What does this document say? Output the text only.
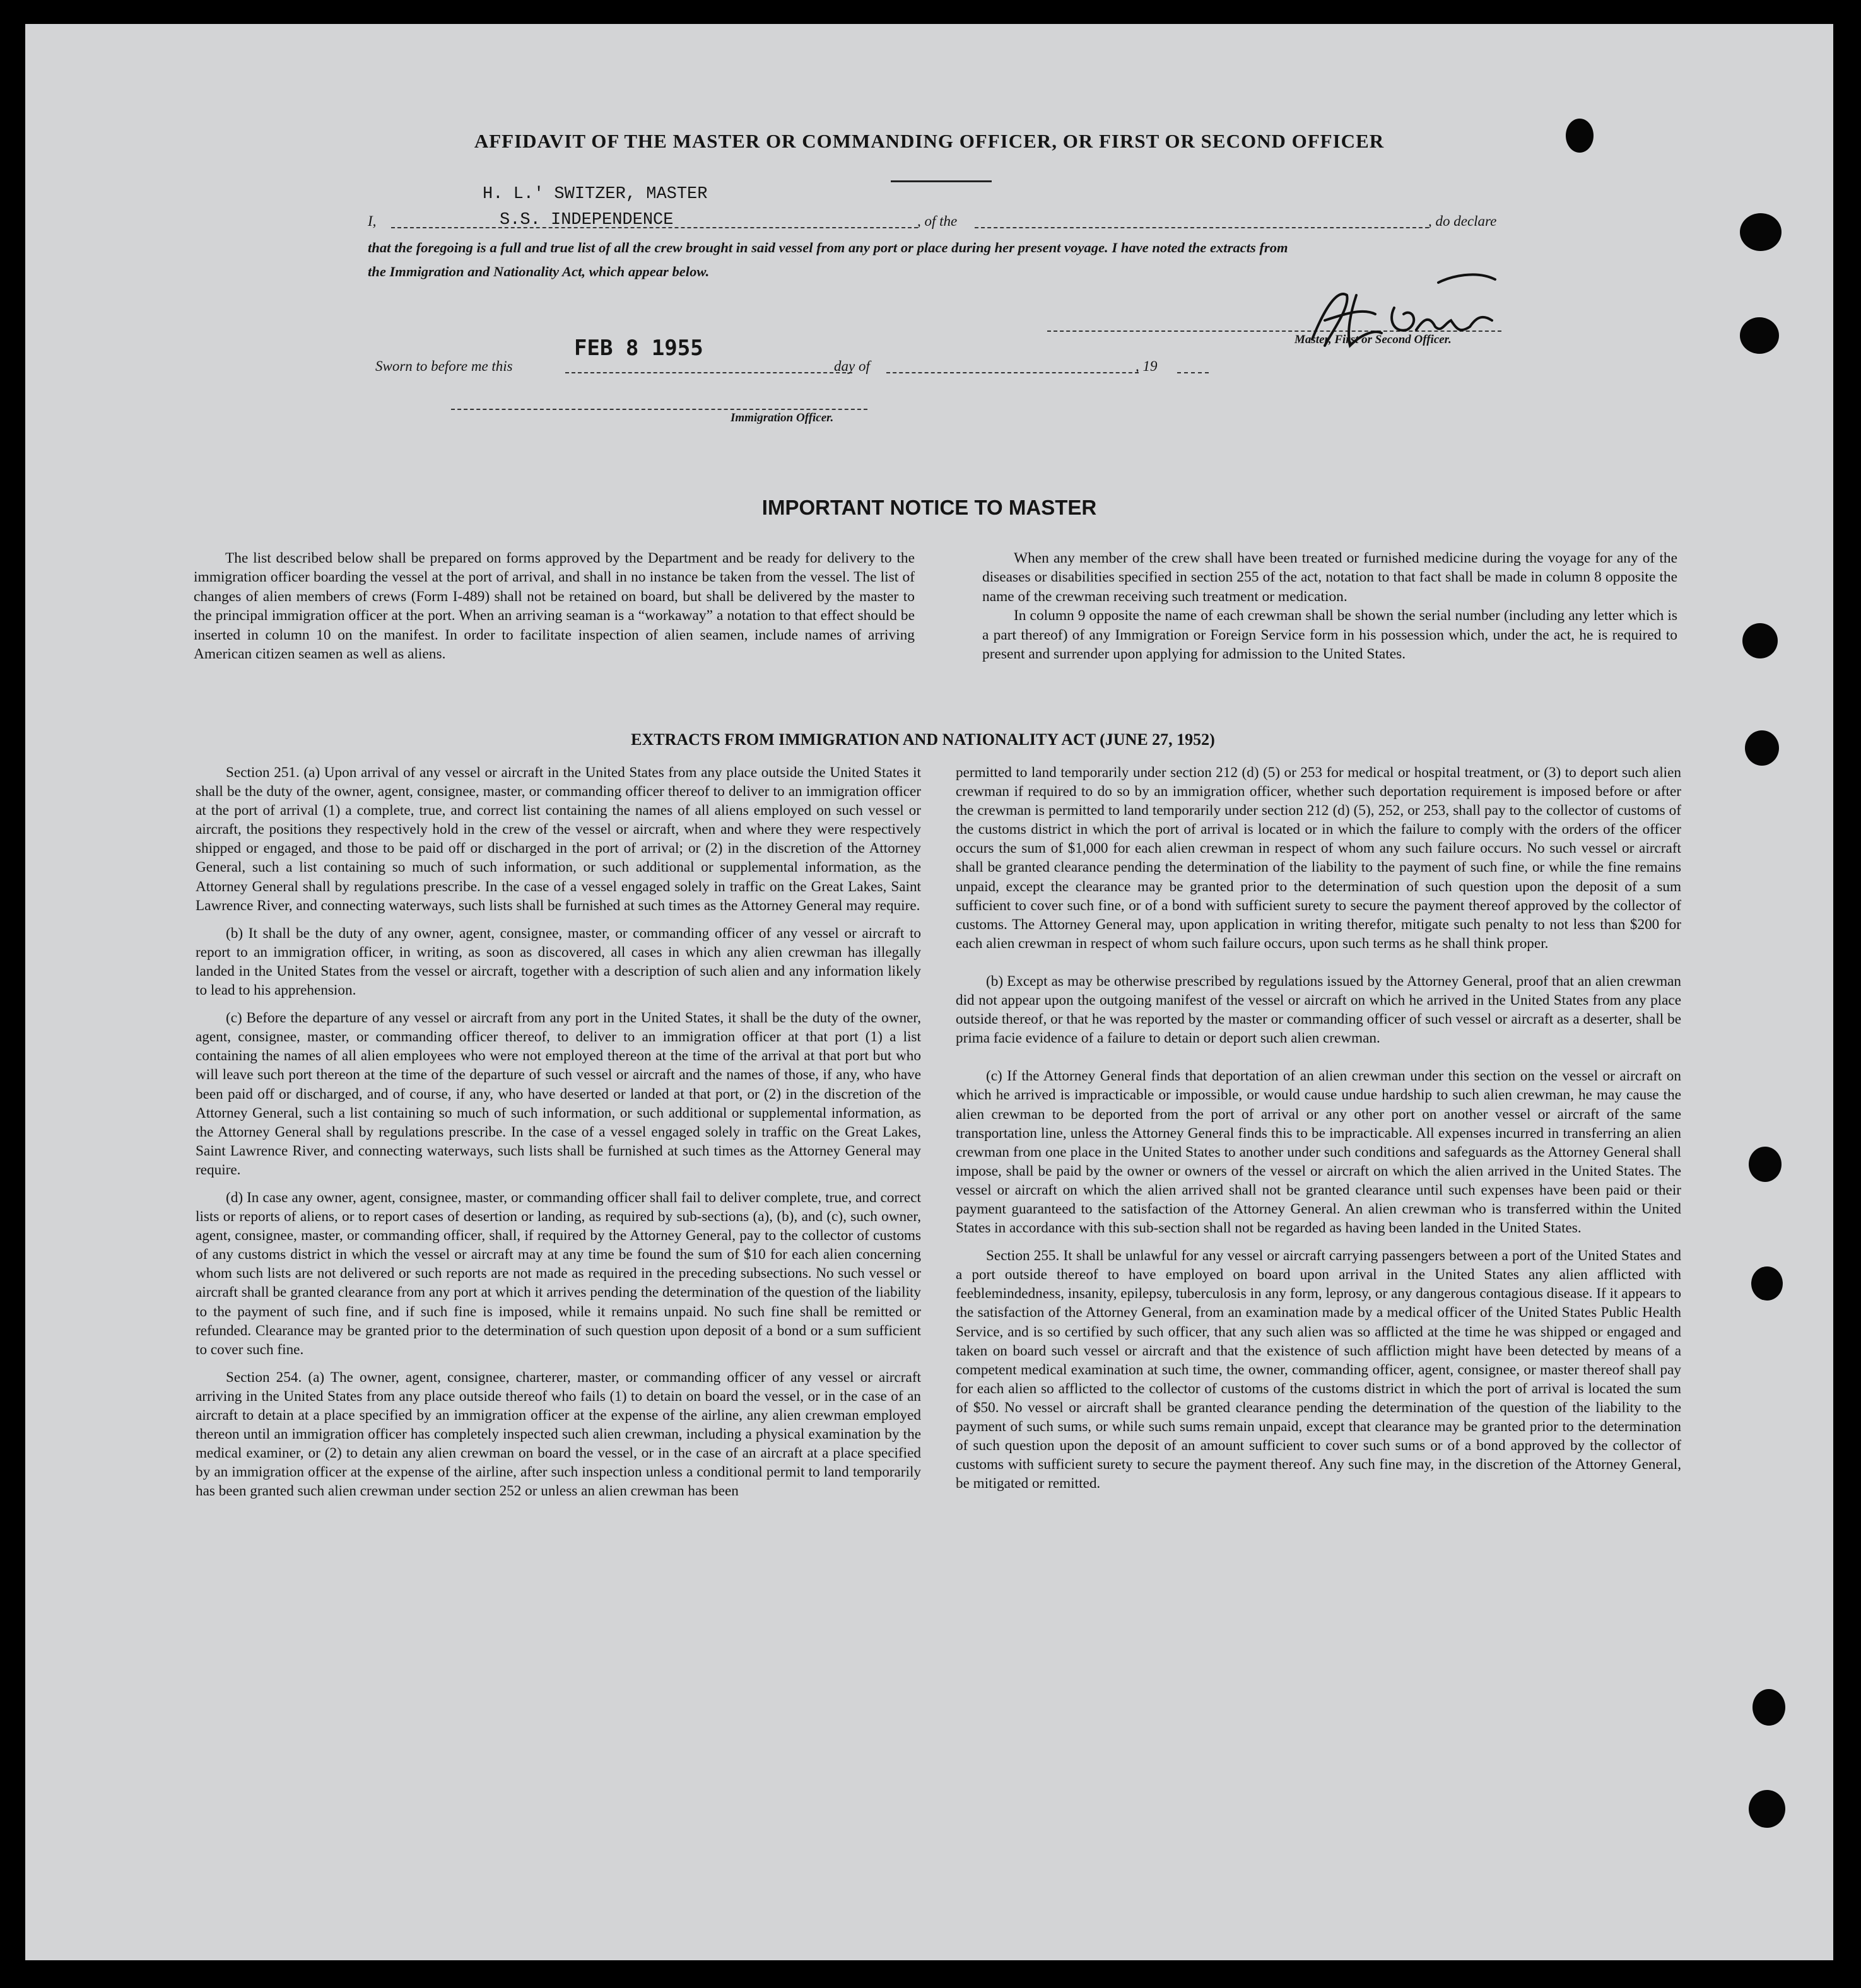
AFFIDAVIT OF THE MASTER OR COMMANDING OFFICER, OR FIRST OR SECOND OFFICER
H. L.' SWITZER, MASTER
S.S. INDEPENDENCE
I,	, of the	, do declare
that the foregoing is a full and true list of all the crew brought in said vessel from any port or place during her present voyage. I have noted the extracts from
the Immigration and Nationality Act, which appear below.
Master, First or Second Officer.
Sworn to before me this
FEB 8 1955
day of	, 19
Immigration Officer.
IMPORTANT NOTICE TO MASTER

The list described below shall be prepared on forms approved by the Department and be ready for delivery to the immigration officer boarding the vessel at the port of arrival, and shall in no instance be taken from the vessel. The list of changes of alien members of crews (Form I-489) shall not be retained on board, but shall be delivered by the master to the principal immigration officer at the port. When an arriving seaman is a “workaway” a notation to that effect should be inserted in column 10 on the manifest. In order to facilitate inspection of alien seamen, include names of arriving American citizen seamen as well as aliens.

When any member of the crew shall have been treated or furnished medicine during the voyage for any of the diseases or disabilities specified in section 255 of the act, notation to that fact shall be made in column 8 opposite the name of the crewman receiving such treatment or medication.

In column 9 opposite the name of each crewman shall be shown the serial number (including any letter which is a part thereof) of any Immigration or Foreign Service form in his possession which, under the act, he is required to present and surrender upon applying for admission to the United States.

EXTRACTS FROM IMMIGRATION AND NATIONALITY ACT (JUNE 27, 1952)

Section 251. (a) Upon arrival of any vessel or aircraft in the United States from any place outside the United States it shall be the duty of the owner, agent, consignee, master, or commanding officer thereof to deliver to an immigration officer at the port of arrival (1) a complete, true, and correct list containing the names of all aliens employed on such vessel or aircraft, the positions they respectively hold in the crew of the vessel or aircraft, when and where they were respectively shipped or engaged, and those to be paid off or discharged in the port of arrival; or (2) in the discretion of the Attorney General, such a list containing so much of such information, or such additional or supplemental information, as the Attorney General shall by regulations prescribe. In the case of a vessel engaged solely in traffic on the Great Lakes, Saint Lawrence River, and connecting waterways, such lists shall be furnished at such times as the Attorney General may require.

(b) It shall be the duty of any owner, agent, consignee, master, or commanding officer of any vessel or aircraft to report to an immigration officer, in writing, as soon as discovered, all cases in which any alien crewman has illegally landed in the United States from the vessel or aircraft, together with a description of such alien and any information likely to lead to his apprehension.

(c) Before the departure of any vessel or aircraft from any port in the United States, it shall be the duty of the owner, agent, consignee, master, or commanding officer thereof, to deliver to an immigration officer at that port (1) a list containing the names of all alien employees who were not employed thereon at the time of the arrival at that port but who will leave such port thereon at the time of the departure of such vessel or aircraft and the names of those, if any, who have been paid off or discharged, and of course, if any, who have deserted or landed at that port, or (2) in the discretion of the Attorney General, such a list containing so much of such information, or such additional or supplemental information, as the Attorney General shall by regulations prescribe. In the case of a vessel engaged solely in traffic on the Great Lakes, Saint Lawrence River, and connecting waterways, such lists shall be furnished at such times as the Attorney General may require.

(d) In case any owner, agent, consignee, master, or commanding officer shall fail to deliver complete, true, and correct lists or reports of aliens, or to report cases of desertion or landing, as required by sub-sections (a), (b), and (c), such owner, agent, consignee, master, or commanding officer, shall, if required by the Attorney General, pay to the collector of customs of any customs district in which the vessel or aircraft may at any time be found the sum of $10 for each alien concerning whom such lists are not delivered or such reports are not made as required in the preceding subsections. No such vessel or aircraft shall be granted clearance from any port at which it arrives pending the determination of the question of the liability to the payment of such fine, and if such fine is imposed, while it remains unpaid. No such fine shall be remitted or refunded. Clearance may be granted prior to the determination of such question upon deposit of a bond or a sum sufficient to cover such fine.

Section 254. (a) The owner, agent, consignee, charterer, master, or commanding officer of any vessel or aircraft arriving in the United States from any place outside thereof who fails (1) to detain on board the vessel, or in the case of an aircraft to detain at a place specified by an immigration officer at the expense of the airline, any alien crewman employed thereon until an immigration officer has completely inspected such alien crewman, including a physical examination by the medical examiner, or (2) to detain any alien crewman on board the vessel, or in the case of an aircraft at a place specified by an immigration officer at the expense of the airline, after such inspection unless a conditional permit to land temporarily has been granted such alien crewman under section 252 or unless an alien crewman has been

permitted to land temporarily under section 212 (d) (5) or 253 for medical or hospital treatment, or (3) to deport such alien crewman if required to do so by an immigration officer, whether such deportation requirement is imposed before or after the crewman is permitted to land temporarily under section 212 (d) (5), 252, or 253, shall pay to the collector of customs of the customs district in which the port of arrival is located or in which the failure to comply with the orders of the officer occurs the sum of $1,000 for each alien crewman in respect of whom any such failure occurs. No such vessel or aircraft shall be granted clearance pending the determination of the liability to the payment of such fine, or while the fine remains unpaid, except the clearance may be granted prior to the determination of such question upon the deposit of a sum sufficient to cover such fine, or of a bond with sufficient surety to secure the payment thereof approved by the collector of customs. The Attorney General may, upon application in writing therefor, mitigate such penalty to not less than $200 for each alien crewman in respect of whom such failure occurs, upon such terms as he shall think proper.

(b) Except as may be otherwise prescribed by regulations issued by the Attorney General, proof that an alien crewman did not appear upon the outgoing manifest of the vessel or aircraft on which he arrived in the United States from any place outside thereof, or that he was reported by the master or commanding officer of such vessel or aircraft as a deserter, shall be prima facie evidence of a failure to detain or deport such alien crewman.

(c) If the Attorney General finds that deportation of an alien crewman under this section on the vessel or aircraft on which he arrived is impracticable or impossible, or would cause undue hardship to such alien crewman, he may cause the alien crewman to be deported from the port of arrival or any other port on another vessel or aircraft of the same transportation line, unless the Attorney General finds this to be impracticable. All expenses incurred in transferring an alien crewman from one place in the United States to another under such conditions and safeguards as the Attorney General shall impose, shall be paid by the owner or owners of the vessel or aircraft on which the alien arrived in the United States. The vessel or aircraft on which the alien arrived shall not be granted clearance until such expenses have been paid or their payment guaranteed to the satisfaction of the Attorney General. An alien crewman who is transferred within the United States in accordance with this sub-section shall not be regarded as having been landed in the United States.

Section 255. It shall be unlawful for any vessel or aircraft carrying passengers between a port of the United States and a port outside thereof to have employed on board upon arrival in the United States any alien afflicted with feeblemindedness, insanity, epilepsy, tuberculosis in any form, leprosy, or any dangerous contagious disease. If it appears to the satisfaction of the Attorney General, from an examination made by a medical officer of the United States Public Health Service, and is so certified by such officer, that any such alien was so afflicted at the time he was shipped or engaged and taken on board such vessel or aircraft and that the existence of such affliction might have been detected by means of a competent medical examination at such time, the owner, commanding officer, agent, consignee, or master thereof shall pay for each alien so afflicted to the collector of customs of the customs district in which the port of arrival is located the sum of $50. No vessel or aircraft shall be granted clearance pending the determination of the question of the liability to the payment of such sums, or while such sums remain unpaid, except that clearance may be granted prior to the determination of such question upon the deposit of an amount sufficient to cover such sums or of a bond approved by the collector of customs with sufficient surety to secure the payment thereof. Any such fine may, in the discretion of the Attorney General, be mitigated or remitted.
